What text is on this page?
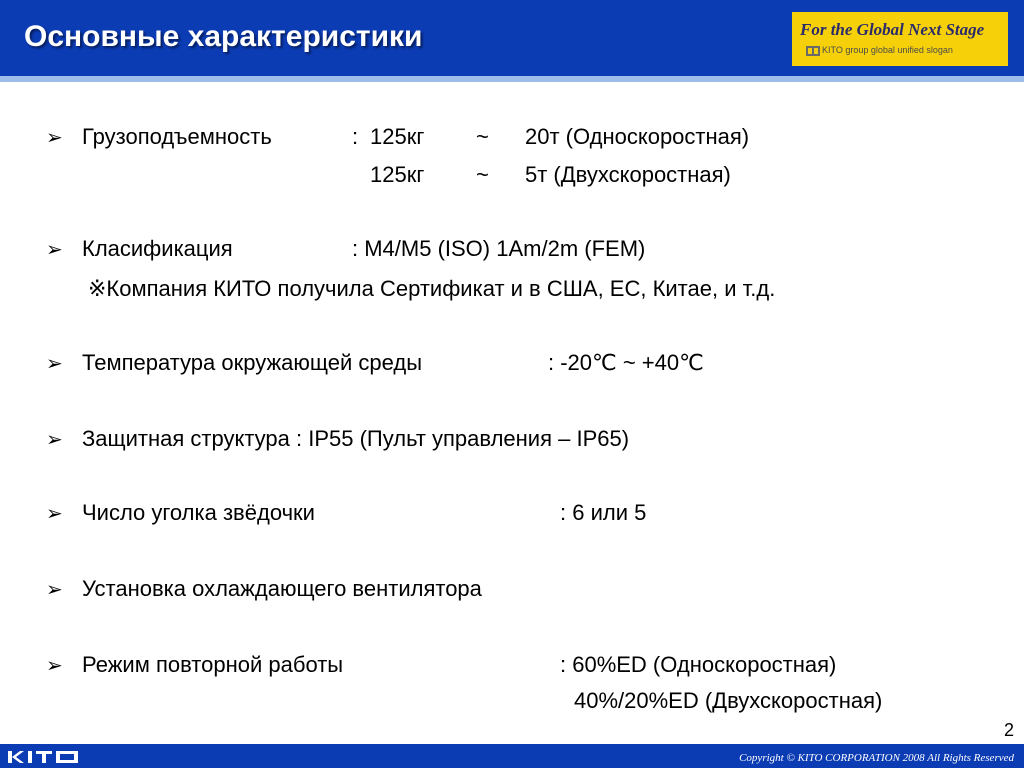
Основные характеристики	For the Global Next Stage
KITO group global unified slogan
➢ Грузоподъемность	: 125кг ~ 20т (Односкоростная)
125кг ~ 5т (Двухскоростная)
➢ Класификация	: M4/M5 (ISO) 1Am/2m (FEM)
※Компания КИТО получила Сертификат и в США, ЕС, Китае, и т.д.
➢ Температура окружающей среды	: -20℃ ~ +40℃
➢ Защитная структура : IP55 (Пульт управления – IP65)
➢ Число уголка звёдочки	: 6 или 5
➢ Установка охлаждающего вентилятора
➢ Режим повторной работы	: 60%ED (Односкоростная)
40%/20%ED (Двухскоростная)
2
Copyright © KITO CORPORATION 2008 All Rights Reserved
